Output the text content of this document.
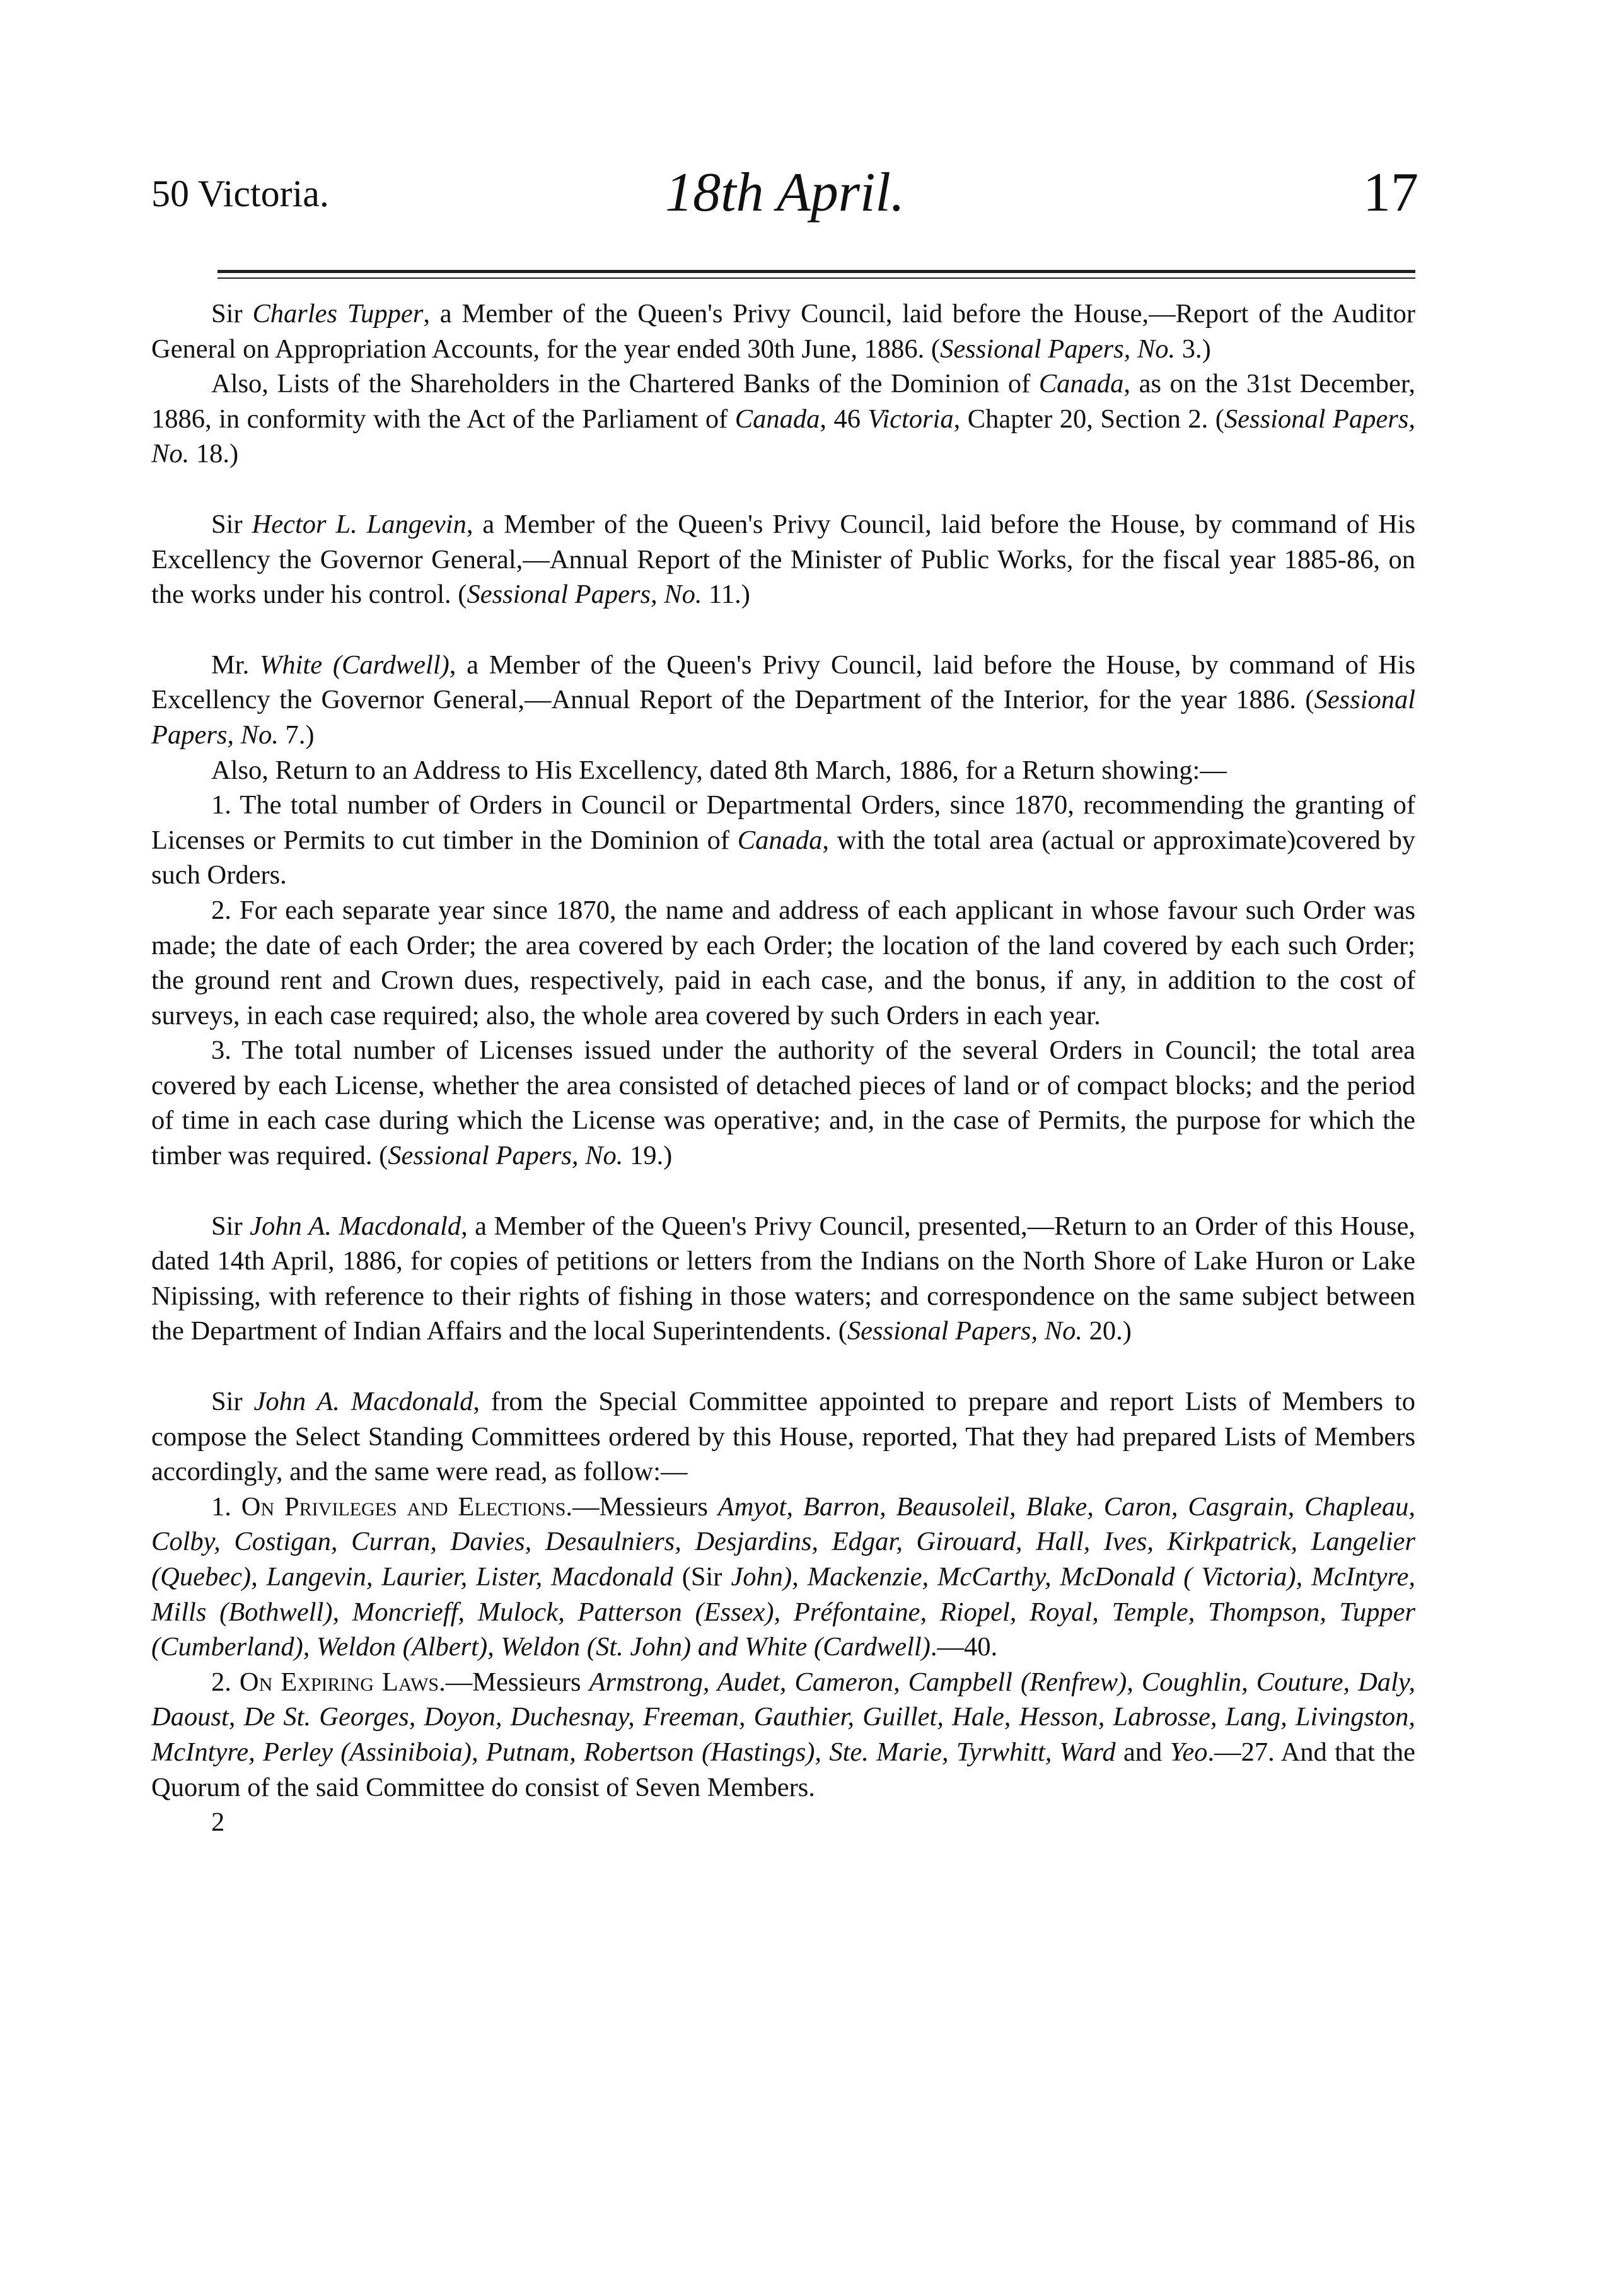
50 Victoria.	18th April.	17

Sir Charles Tupper, a Member of the Queen's Privy Council, laid before the House,—Report of the Auditor General on Appropriation Accounts, for the year ended 30th June, 1886. (Sessional Papers, No. 3.)

Also, Lists of the Shareholders in the Chartered Banks of the Dominion of Canada, as on the 31st December, 1886, in conformity with the Act of the Parliament of Canada, 46 Victoria, Chapter 20, Section 2. (Sessional Papers, No. 18.)

Sir Hector L. Langevin, a Member of the Queen's Privy Council, laid before the House, by command of His Excellency the Governor General,—Annual Report of the Minister of Public Works, for the fiscal year 1885-86, on the works under his control. (Sessional Papers, No. 11.)

Mr. White (Cardwell), a Member of the Queen's Privy Council, laid before the House, by command of His Excellency the Governor General,—Annual Report of the Department of the Interior, for the year 1886. (Sessional Papers, No. 7.)

Also, Return to an Address to His Excellency, dated 8th March, 1886, for a Return showing:—

1. The total number of Orders in Council or Departmental Orders, since 1870, recommending the granting of Licenses or Permits to cut timber in the Dominion of Canada, with the total area (actual or approximate)covered by such Orders.

2. For each separate year since 1870, the name and address of each applicant in whose favour such Order was made; the date of each Order; the area covered by each Order; the location of the land covered by each such Order; the ground rent and Crown dues, respectively, paid in each case, and the bonus, if any, in addition to the cost of surveys, in each case required; also, the whole area covered by such Orders in each year.

3. The total number of Licenses issued under the authority of the several Orders in Council; the total area covered by each License, whether the area consisted of detached pieces of land or of compact blocks; and the period of time in each case during which the License was operative; and, in the case of Permits, the purpose for which the timber was required. (Sessional Papers, No. 19.)

Sir John A. Macdonald, a Member of the Queen's Privy Council, presented,—Return to an Order of this House, dated 14th April, 1886, for copies of petitions or letters from the Indians on the North Shore of Lake Huron or Lake Nipissing, with reference to their rights of fishing in those waters; and correspondence on the same subject between the Department of Indian Affairs and the local Superintendents. (Sessional Papers, No. 20.)

Sir John A. Macdonald, from the Special Committee appointed to prepare and report Lists of Members to compose the Select Standing Committees ordered by this House, reported, That they had prepared Lists of Members accordingly, and the same were read, as follow:—

1. On Privileges and Elections.—Messieurs Amyot, Barron, Beausoleil, Blake, Caron, Casgrain, Chapleau, Colby, Costigan, Curran, Davies, Desaulniers, Desjardins, Edgar, Girouard, Hall, Ives, Kirkpatrick, Langelier (Quebec), Langevin, Laurier, Lister, Macdonald (Sir John), Mackenzie, McCarthy, McDonald ( Victoria), McIntyre, Mills (Bothwell), Moncrieff, Mulock, Patterson (Essex), Préfontaine, Riopel, Royal, Temple, Thompson, Tupper (Cumberland), Weldon (Albert), Weldon (St. John) and White (Cardwell).—40.

2. On Expiring Laws.—Messieurs Armstrong, Audet, Cameron, Campbell (Renfrew), Coughlin, Couture, Daly, Daoust, De St. Georges, Doyon, Duchesnay, Freeman, Gauthier, Guillet, Hale, Hesson, Labrosse, Lang, Livingston, McIntyre, Perley (Assiniboia), Putnam, Robertson (Hastings), Ste. Marie, Tyrwhitt, Ward and Yeo.—27. And that the Quorum of the said Committee do consist of Seven Members.

2
